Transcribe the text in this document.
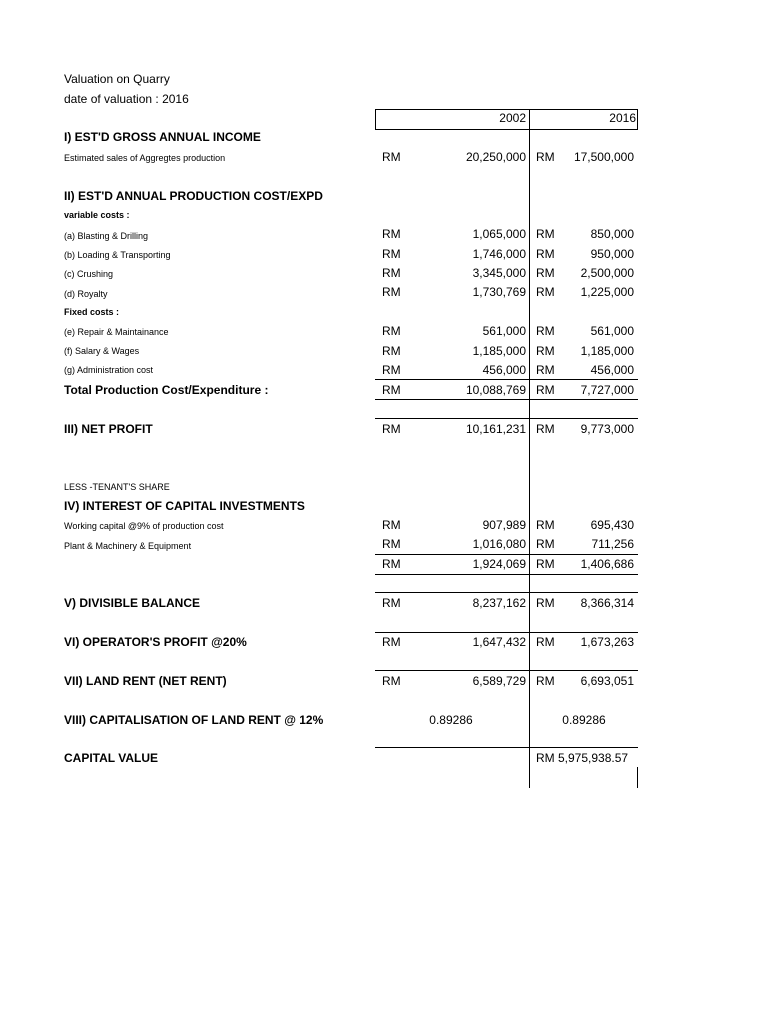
Valuation on Quarry
date of valuation : 2016
2002	2016
I) EST'D GROSS ANNUAL INCOME
Estimated sales of Aggregtes production	RM	20,250,000 RM	17,500,000
II) EST'D ANNUAL PRODUCTION COST/EXPD
variable costs :
(a) Blasting & Drilling	RM	1,065,000 RM	850,000
(b) Loading & Transporting	RM	1,746,000 RM	950,000
(c) Crushing	RM	3,345,000 RM	2,500,000
(d) Royalty	RM	1,730,769 RM	1,225,000
Fixed costs :
(e) Repair & Maintainance	RM	561,000 RM	561,000
(f) Salary & Wages	RM	1,185,000 RM	1,185,000
(g) Administration cost	RM	456,000 RM	456,000
Total Production Cost/Expenditure :	RM	10,088,769 RM	7,727,000
III) NET PROFIT	RM	10,161,231 RM	9,773,000
LESS -TENANT'S SHARE
IV) INTEREST OF CAPITAL INVESTMENTS
Working capital @9% of production cost	RM	907,989 RM	695,430
Plant & Machinery & Equipment	RM	1,016,080 RM	711,256
RM	1,924,069 RM	1,406,686
V) DIVISIBLE BALANCE	RM	8,237,162 RM	8,366,314
VI) OPERATOR'S PROFIT @20%	RM	1,647,432 RM	1,673,263
VII) LAND RENT (NET RENT)	RM	6,589,729 RM	6,693,051
VIII) CAPITALISATION OF LAND RENT @ 12%	0.89286	0.89286
CAPITAL VALUE	RM 5,975,938.57
